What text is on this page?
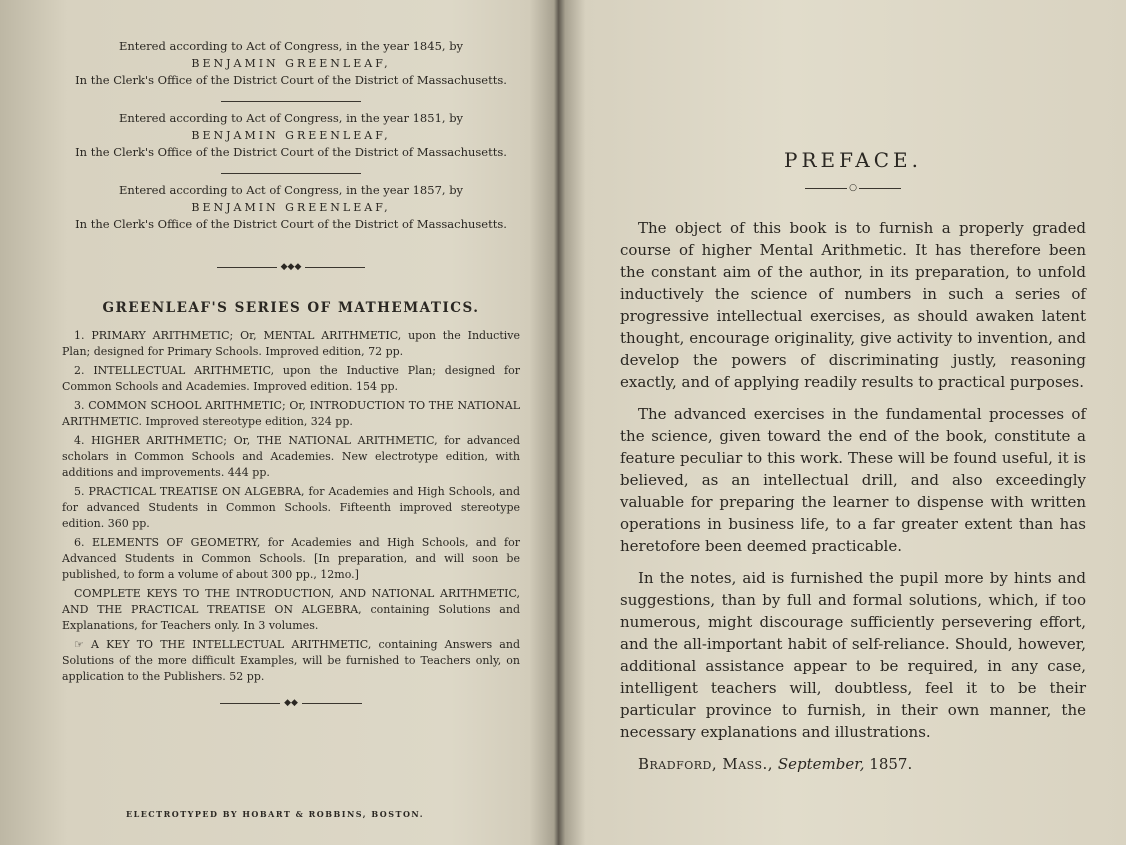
Entered according to Act of Congress, in the year 1845, by
BENJAMIN GREENLEAF,
In the Clerk's Office of the District Court of the District of Massachusetts.
Entered according to Act of Congress, in the year 1851, by
BENJAMIN GREENLEAF,
In the Clerk's Office of the District Court of the District of Massachusetts.
Entered according to Act of Congress, in the year 1857, by
BENJAMIN GREENLEAF,
In the Clerk's Office of the District Court of the District of Massachusetts.
◆◆◆
GREENLEAF'S SERIES OF MATHEMATICS.
1. PRIMARY ARITHMETIC; Or, MENTAL ARITHMETIC, upon the Inductive Plan; designed for Primary Schools. Improved edition, 72 pp.
2. INTELLECTUAL ARITHMETIC, upon the Inductive Plan; designed for Common Schools and Academies. Improved edition. 154 pp.
3. COMMON SCHOOL ARITHMETIC; Or, INTRODUCTION TO THE NATIONAL ARITHMETIC. Improved stereotype edition, 324 pp.
4. HIGHER ARITHMETIC; Or, THE NATIONAL ARITHMETIC, for advanced scholars in Common Schools and Academies. New electrotype edition, with additions and improvements. 444 pp.
5. PRACTICAL TREATISE ON ALGEBRA, for Academies and High Schools, and for advanced Students in Common Schools. Fifteenth improved stereotype edition. 360 pp.
6. ELEMENTS OF GEOMETRY, for Academies and High Schools, and for Advanced Students in Common Schools. [In preparation, and will soon be published, to form a volume of about 300 pp., 12mo.]
COMPLETE KEYS TO THE INTRODUCTION, AND NATIONAL ARITHMETIC, AND THE PRACTICAL TREATISE ON ALGEBRA, containing Solutions and Explanations, for Teachers only. In 3 volumes.
☞ A KEY TO THE INTELLECTUAL ARITHMETIC, containing Answers and Solutions of the more difficult Examples, will be furnished to Teachers only, on application to the Publishers. 52 pp.
◆◆
ELECTROTYPED BY HOBART & ROBBINS, BOSTON.
PREFACE.
○

The object of this book is to furnish a properly graded course of higher Mental Arithmetic. It has therefore been the constant aim of the author, in its preparation, to unfold inductively the science of numbers in such a series of progressive intellectual exercises, as should awaken latent thought, encourage originality, give activity to invention, and develop the powers of discriminating justly, reasoning exactly, and of applying readily results to practical purposes.

The advanced exercises in the fundamental processes of the science, given toward the end of the book, constitute a feature peculiar to this work. These will be found useful, it is believed, as an intellectual drill, and also exceedingly valuable for preparing the learner to dispense with written operations in business life, to a far greater extent than has heretofore been deemed practicable.

In the notes, aid is furnished the pupil more by hints and suggestions, than by full and formal solutions, which, if too numerous, might discourage sufficiently persevering effort, and the all-important habit of self-reliance. Should, however, additional assistance appear to be required, in any case, intelligent teachers will, doubtless, feel it to be their particular province to furnish, in their own manner, the necessary explanations and illustrations.

Bradford, Mass., September, 1857.
